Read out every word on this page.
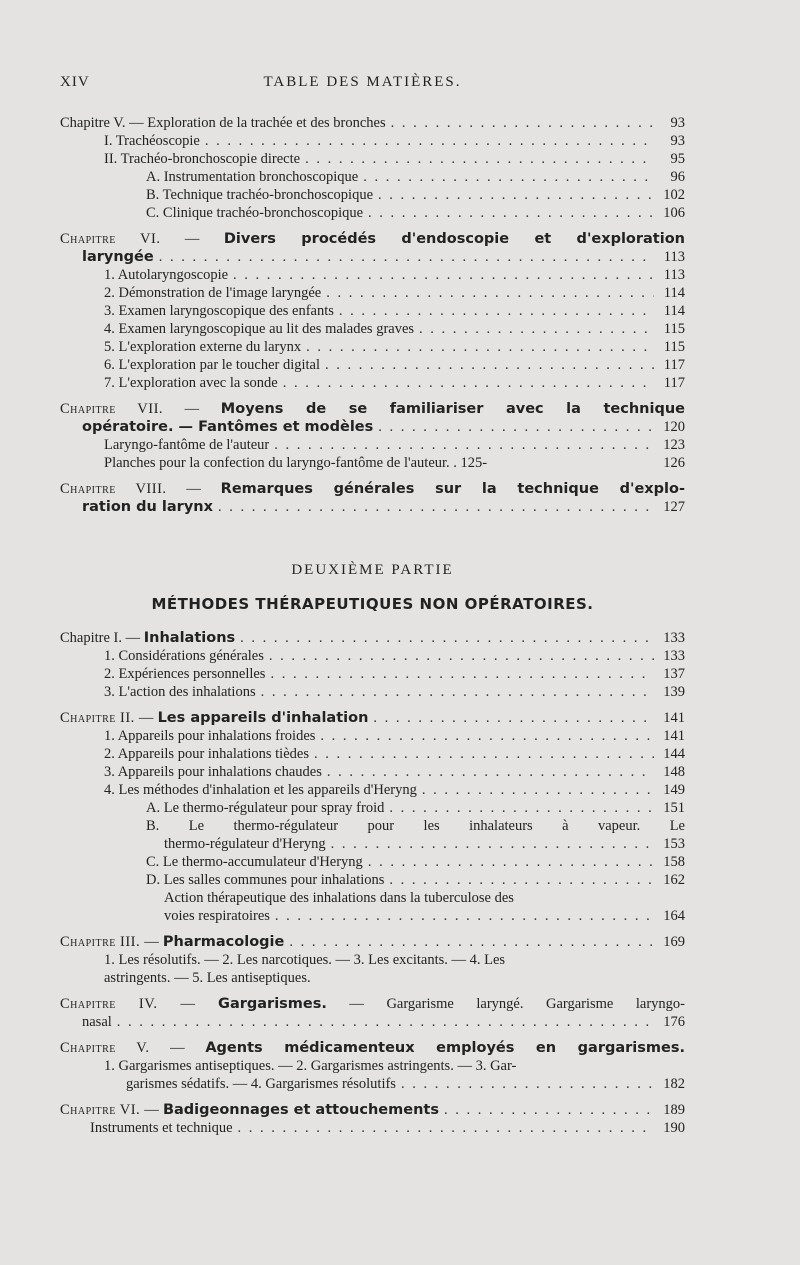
XIV	TABLE DES MATIÈRES.
Chapitre V. — Exploration de la trachée et des bronches . . .	93
I. Trachéoscopie . . .	93
II. Trachéo-bronchoscopie directe . . .	95
A. Instrumentation bronchoscopique . . .	96
B. Technique trachéo-bronchoscopique . . .	102
C. Clinique trachéo-bronchoscopique . . .	106
Chapitre VI. — Divers procédés d'endoscopie et d'exploration
laryngée . . .	113
1. Autolaryngoscopie . . .	113
2. Démonstration de l'image laryngée . . .	114
3. Examen laryngoscopique des enfants . . .	114
4. Examen laryngoscopique au lit des malades graves . . .	115
5. L'exploration externe du larynx . . .	115
6. L'exploration par le toucher digital . . .	117
7. L'exploration avec la sonde . . .	117
Chapitre VII. — Moyens de se familiariser avec la technique
opératoire. — Fantômes et modèles . . .	120
Laryngo-fantôme de l'auteur . . .	123
Planches pour la confection du laryngo-fantôme de l'auteur. . 125-	126
Chapitre VIII. — Remarques générales sur la technique d'explo-
ration du larynx . . .	127
DEUXIÈME PARTIE
MÉTHODES THÉRAPEUTIQUES NON OPÉRATOIRES.
Chapitre I. — Inhalations . . .	133
1. Considérations générales . . .	133
2. Expériences personnelles . . .	137
3. L'action des inhalations . . .	139
Chapitre II. — Les appareils d'inhalation . . .	141
1. Appareils pour inhalations froides . . .	141
2. Appareils pour inhalations tièdes . . .	144
3. Appareils pour inhalations chaudes . . .	148
4. Les méthodes d'inhalation et les appareils d'Heryng . . .	149
A. Le thermo-régulateur pour spray froid . . .	151
B. Le thermo-régulateur pour les inhalateurs à vapeur. Le
thermo-régulateur d'Heryng . . .	153
C. Le thermo-accumulateur d'Heryng . . .	158
D. Les salles communes pour inhalations . . .	162
Action thérapeutique des inhalations dans la tuberculose des
voies respiratoires . . .	164
Chapitre III. — Pharmacologie . . .	169
1. Les résolutifs. — 2. Les narcotiques. — 3. Les excitants. — 4. Les
astringents. — 5. Les antiseptiques.
Chapitre IV. — Gargarismes. — Gargarisme laryngé. Gargarisme laryngo-
nasal . . .	176
Chapitre V. — Agents médicamenteux employés en gargarismes.
1. Gargarismes antiseptiques. — 2. Gargarismes astringents. — 3. Gar-
garismes sédatifs. — 4. Gargarismes résolutifs . . .	182
Chapitre VI. — Badigeonnages et attouchements . . .	189
Instruments et technique . . .	190
